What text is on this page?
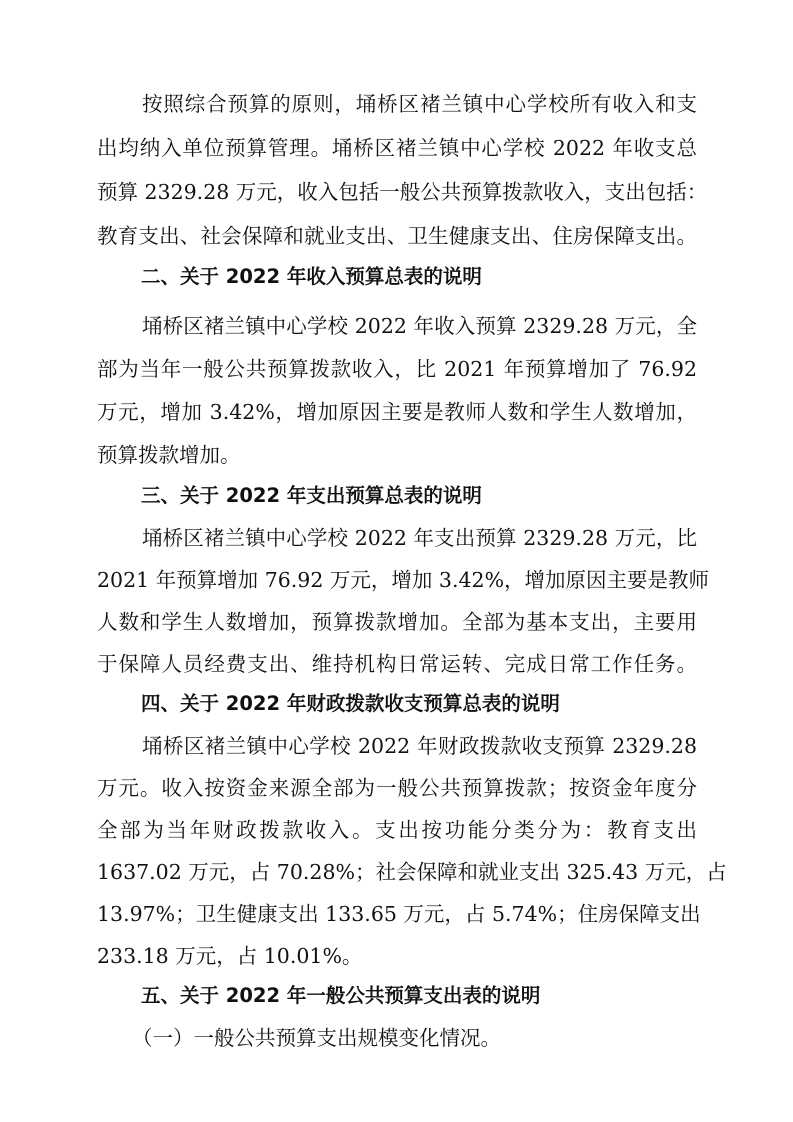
按照综合预算的原则，埇桥区褚兰镇中心学校所有收入和支
出均纳入单位预算管理。埇桥区褚兰镇中心学校 2022 年收支总
预算 2329.28 万元，收入包括一般公共预算拨款收入，支出包括：
教育支出、社会保障和就业支出、卫生健康支出、住房保障支出。
二、关于 2022 年收入预算总表的说明
埇桥区褚兰镇中心学校 2022 年收入预算 2329.28 万元，全
部为当年一般公共预算拨款收入，比 2021 年预算增加了 76.92
万元，增加 3.42%，增加原因主要是教师人数和学生人数增加，
预算拨款增加。
三、关于 2022 年支出预算总表的说明
埇桥区褚兰镇中心学校 2022 年支出预算 2329.28 万元，比
2021 年预算增加 76.92 万元，增加 3.42%，增加原因主要是教师
人数和学生人数增加，预算拨款增加。全部为基本支出，主要用
于保障人员经费支出、维持机构日常运转、完成日常工作任务。
四、关于 2022 年财政拨款收支预算总表的说明
埇桥区褚兰镇中心学校 2022 年财政拨款收支预算 2329.28
万元。收入按资金来源全部为一般公共预算拨款；按资金年度分
全部为当年财政拨款收入。支出按功能分类分为：教育支出
1637.02 万元，占 70.28%；社会保障和就业支出 325.43 万元，占
13.97%；卫生健康支出 133.65 万元，占 5.74%；住房保障支出
233.18 万元，占 10.01%。
五、关于 2022 年一般公共预算支出表的说明
（一）一般公共预算支出规模变化情况。
